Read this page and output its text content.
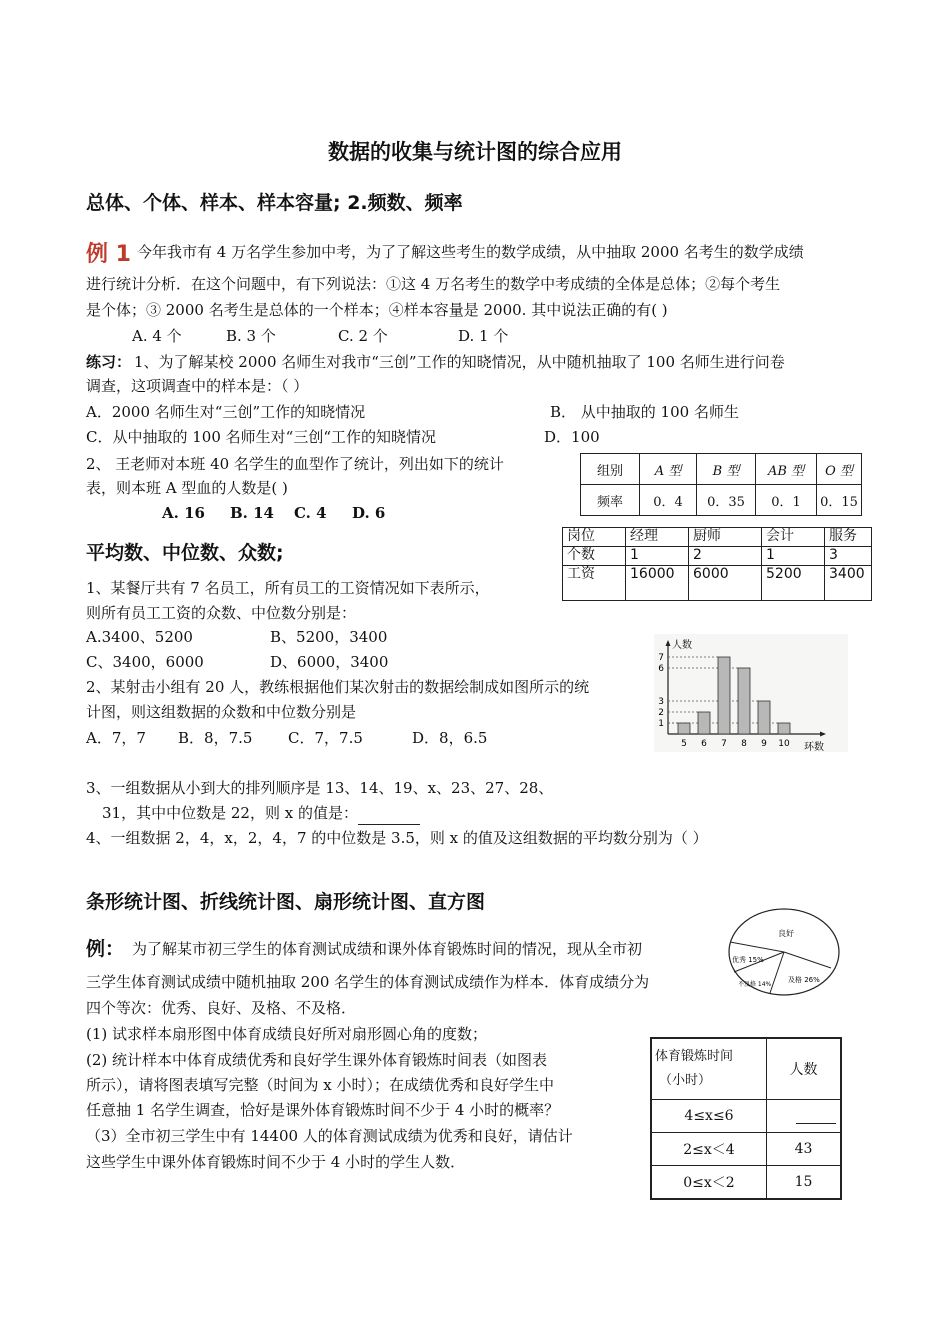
数据的收集与统计图的综合应用
总体、个体、样本、样本容量; 2.频数、频率
例 1 今年我市有 4 万名学生参加中考，为了了解这些考生的数学成绩，从中抽取 2000 名考生的数学成绩
进行统计分析．在这个问题中，有下列说法：①这 4 万名考生的数学中考成绩的全体是总体；②每个考生
是个体；③ 2000 名考生是总体的一个样本；④样本容量是 2000. 其中说法正确的有( )
A. 4 个	B. 3 个	C. 2 个	D. 1 个
练习： 1、为了解某校 2000 名师生对我市“三创”工作的知晓情况，从中随机抽取了 100 名师生进行问卷
调查，这项调查中的样本是：（ ）
A．2000 名师生对“三创”工作的知晓情况	B． 从中抽取的 100 名师生
C．从中抽取的 100 名师生对“三创“工作的知晓情况	D．100
2、 王老师对本班 40 名学生的血型作了统计，列出如下的统计
表，则本班 A 型血的人数是( )
A. 16 B. 14 C. 4 D. 6
组别	A 型	B 型	AB 型	O 型
频率	0．4	0．35	0．1	0．15
平均数、中位数、众数;
岗位	经理	厨师	会计	服务
个数	1	2	1	3
工资	16000	6000	5200	3400
1、某餐厅共有 7 名员工，所有员工的工资情况如下表所示，
则所有员工工资的众数、中位数分别是：
A.3400、5200	B、5200，3400
C、3400，6000	D、6000，3400
2、某射击小组有 20 人，教练根据他们某次射击的数据绘制成如图所示的统
计图，则这组数据的众数和中位数分别是
A．7，7 B．8，7.5 C．7，7.5	D．8，6.5
人数
环数
1
2
3
6
7
5 6 7 8 9 10
3、一组数据从小到大的排列顺序是 13、14、19、x、23、27、28、
31，其中中位数是 22，则 x 的值是：
4、一组数据 2，4，x，2，4，7 的中位数是 3.5，则 x 的值及这组数据的平均数分别为（ ）
条形统计图、折线统计图、扇形统计图、直方图
例： 为了解某市初三学生的体育测试成绩和课外体育锻炼时间的情况，现从全市初
三学生体育测试成绩中随机抽取 200 名学生的体育测试成绩作为样本．体育成绩分为
四个等次：优秀、良好、及格、不及格．
(1) 试求样本扇形图中体育成绩良好所对扇形圆心角的度数；
(2) 统计样本中体育成绩优秀和良好学生课外体育锻炼时间表（如图表
所示），请将图表填写完整（时间为 x 小时）；在成绩优秀和良好学生中
任意抽 1 名学生调查，恰好是课外体育锻炼时间不少于 4 小时的概率？
（3）全市初三学生中有 14400 人的体育测试成绩为优秀和良好，请估计
这些学生中课外体育锻炼时间不少于 4 小时的学生人数．
良好
优秀 15%
及格 26%
不及格 14%
体育锻炼时间
（小时）	人数
4≤x≤6	
2≤x＜4	43
0≤x＜2	15
